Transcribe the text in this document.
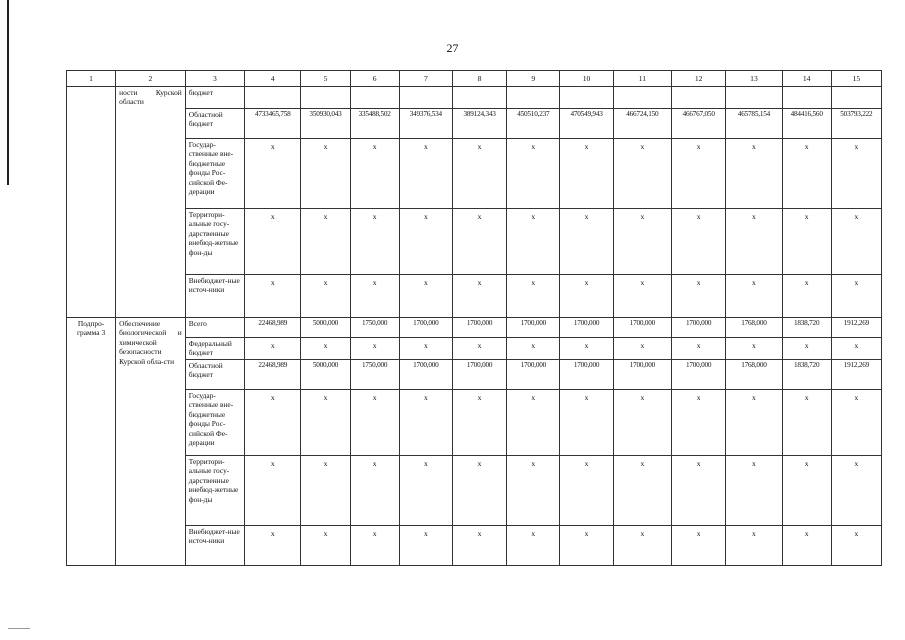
27
1	2	3	4	5	6	7	8	9	10	11	12	13	14	15
	ности Курской области	бюджет												
		Областной бюджет	4733465,758	350930,043	335488,502	349376,534	389124,343	450510,237	470549,943	466724,150	466767,050	465785,154	484416,560	503793,222
		Государ-ственные вне-бюджетные фонды Рос-сийской Фе-дерации	x	x	x	x	x	x	x	x	x	x	x	x
		Территори-альные госу-дарственные внебюд-жетные фон-ды	x	x	x	x	x	x	x	x	x	x	x	x
		Внебюджет-ные источ-ники	x	x	x	x	x	x	x	x	x	x	x	x
Подпро-грамма 3	Обеспечение биологической и химической безопасности Курской обла-сти	Всего	22468,989	5000,000	1750,000	1700,000	1700,000	1700,000	1700,000	1700,000	1700,000	1768,000	1838,720	1912,269
		Федеральный бюджет	x	x	x	x	x	x	x	x	x	x	x	x
		Областной бюджет	22468,989	5000,000	1750,000	1700,000	1700,000	1700,000	1700,000	1700,000	1700,000	1768,000	1838,720	1912,269
		Государ-ственные вне-бюджетные фонды Рос-сийской Фе-дерации	x	x	x	x	x	x	x	x	x	x	x	x
		Территори-альные госу-дарственные внебюд-жетные фон-ды	x	x	x	x	x	x	x	x	x	x	x	x
		Внебюджет-ные источ-ники	x	x	x	x	x	x	x	x	x	x	x	x
